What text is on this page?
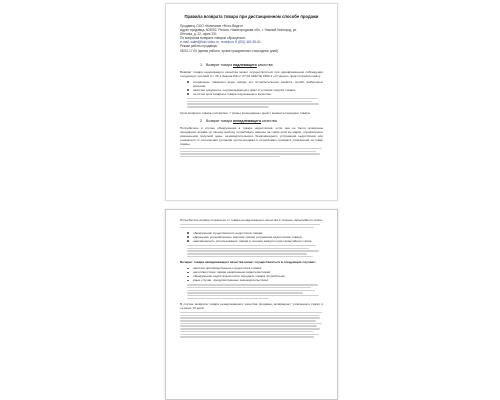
Правила возврата товара при дистанционном способе продажи
Продавец: ООО «Компания «Фото-Видео»
Адрес продавца: 603092, Россия, Нижегородская обл., г. Нижний Новгород, ул.
Лётчика, д. 22, офис 2/5;
По вопросам возврата товаров обращаться:
e-mail: sales@foto-video.ru, телефон: 8 (831) 462-50-61;
Режим работы продавца:
08:00-17:00 (время работы, кроме праздничных и выходных дней).
1. Возврат товара надлежащего качества
Возврат товара надлежащего качества может осуществляться при одновременном соблюдении следующих условий (ст. 26.1 Закона РФ от 07.02.1992 № 2300-1 «О защите прав потребителей»):
сохранение товарного вида товара, его потребительских свойств, пломб, фабричных ярлыков;
наличие документа, подтверждающего факт и условия покупки товара;
не истек срок возврата товара надлежащего качества.
Срок возврата товара составляет 7 (семь) календарных дней с момента передачи товара.
2. Возврат товара ненадлежащего качества
Потребитель в случае обнаружения в товаре недостатков, если они не были оговорены продавцом, вправе по своему выбору потребовать замены на товар этой же марки, соразмерного уменьшения покупной цены, незамедлительного безвозмездного устранения недостатков или отказаться от исполнения договора купли-продажи и потребовать возврата уплаченной за товар суммы.
Потребитель вправе отказаться от товара ненадлежащего качества в течение гарантийного срока.
обнаружение существенного недостатка товара;
нарушение установленных законом сроков устранения недостатков товара;
невозможность использования товара в течение каждого года гарантийного срока.
Возврат товара ненадлежащего качества может осуществляться в следующих случаях:
наличие производственного недостатка товара;
несоответствие товара заявленным характеристикам;
обнаружение недостатков после передачи товара потребителю;
иные случаи, предусмотренные законодательством.
В случае возврата товара ненадлежащего качества продавец возвращает уплаченную сумму в течение 10 дней.
